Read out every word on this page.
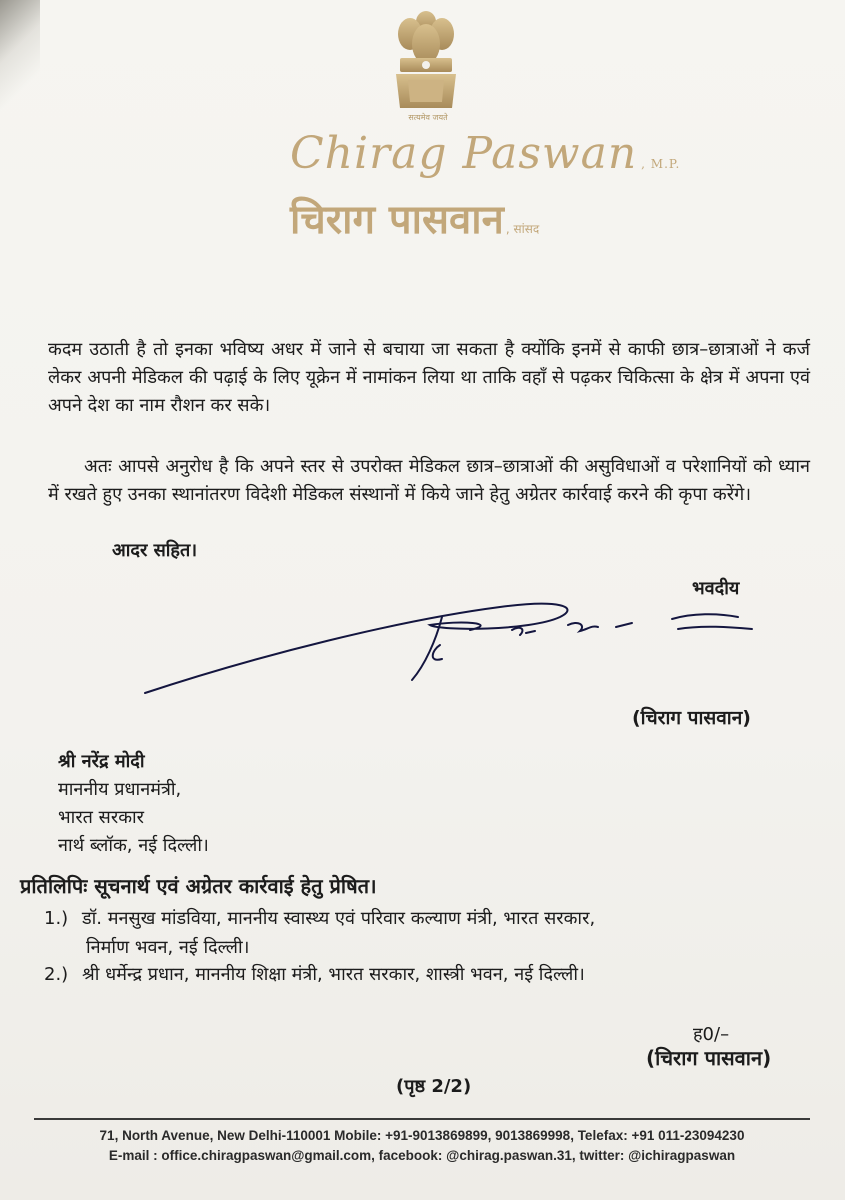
सत्यमेव जयते
Chirag Paswan , M.P.
चिराग पासवान , सांसद
कदम उठाती है तो इनका भविष्य अधर में जाने से बचाया जा सकता है क्योंकि इनमें से काफी छात्र–छात्राओं ने कर्ज लेकर अपनी मेडिकल की पढ़ाई के लिए यूक्रेन में नामांकन लिया था ताकि वहाँ से पढ़कर चिकित्सा के क्षेत्र में अपना एवं अपने देश का नाम रौशन कर सके।
अतः आपसे अनुरोध है कि अपने स्तर से उपरोक्त मेडिकल छात्र–छात्राओं की असुविधाओं व परेशानियों को ध्यान में रखते हुए उनका स्थानांतरण विदेशी मेडिकल संस्थानों में किये जाने हेतु अग्रेतर कार्रवाई करने की कृपा करेंगे।
आदर सहित।
भवदीय
(चिराग पासवान)
श्री नरेंद्र मोदी
माननीय प्रधानमंत्री,
भारत सरकार
नार्थ ब्लॉक, नई दिल्ली।
प्रतिलिपिः सूचनार्थ एवं अग्रेतर कार्रवाई हेतु प्रेषित।
1.) डॉ. मनसुख मांडविया, माननीय स्वास्थ्य एवं परिवार कल्याण मंत्री, भारत सरकार,
निर्माण भवन, नई दिल्ली।
2.) श्री धर्मेन्द्र प्रधान, माननीय शिक्षा मंत्री, भारत सरकार, शास्त्री भवन, नई दिल्ली।
ह0/–
(चिराग पासवान)
(पृष्ठ 2/2)
71, North Avenue, New Delhi-110001 Mobile: +91-9013869899, 9013869998, Telefax: +91 011-23094230
E-mail : office.chiragpaswan@gmail.com, facebook: @chirag.paswan.31, twitter: @ichiragpaswan
